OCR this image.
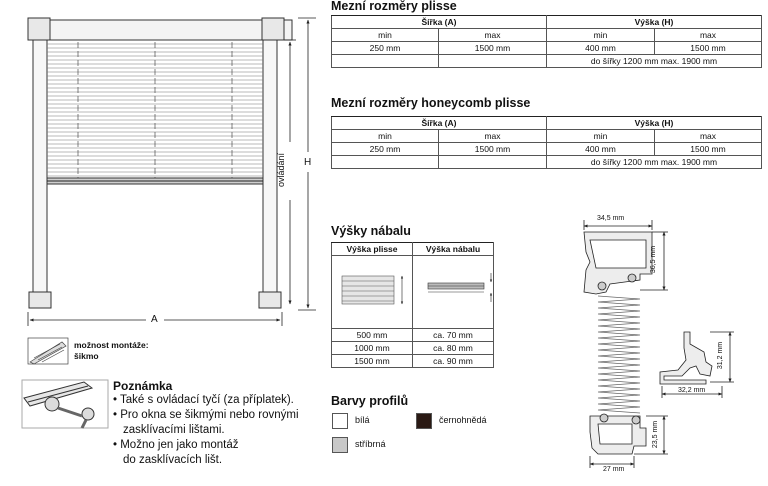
A
H
ovládání
možnost montáže:
šikmo
Poznámka
• Také s ovládací tyčí (za příplatek).
• Pro okna se šikmými nebo rovnými
zasklívacími lištami.
• Možno jen jako montáž
do zasklívacích lišt.
Mezní rozměry plisse
Šířka (A)		Výška (H)	
min	max	min	max
250 mm	1500 mm	400 mm	1500 mm
		do šířky 1200 mm max. 1900 mm	
Mezní rozměry honeycomb plisse
Šířka (A)		Výška (H)	
min	max	min	max
250 mm	1500 mm	400 mm	1500 mm
		do šířky 1200 mm max. 1900 mm	
Výšky nábalu
Výška plisse	Výška nábalu

500 mm	ca. 70 mm
1000 mm	ca. 80 mm
1500 mm	ca. 90 mm
Barvy profilů
bílá	černohnědá
stříbrná
34,5 mm
36,5 mm
31,2 mm
32,2 mm
23,5 mm
27 mm
